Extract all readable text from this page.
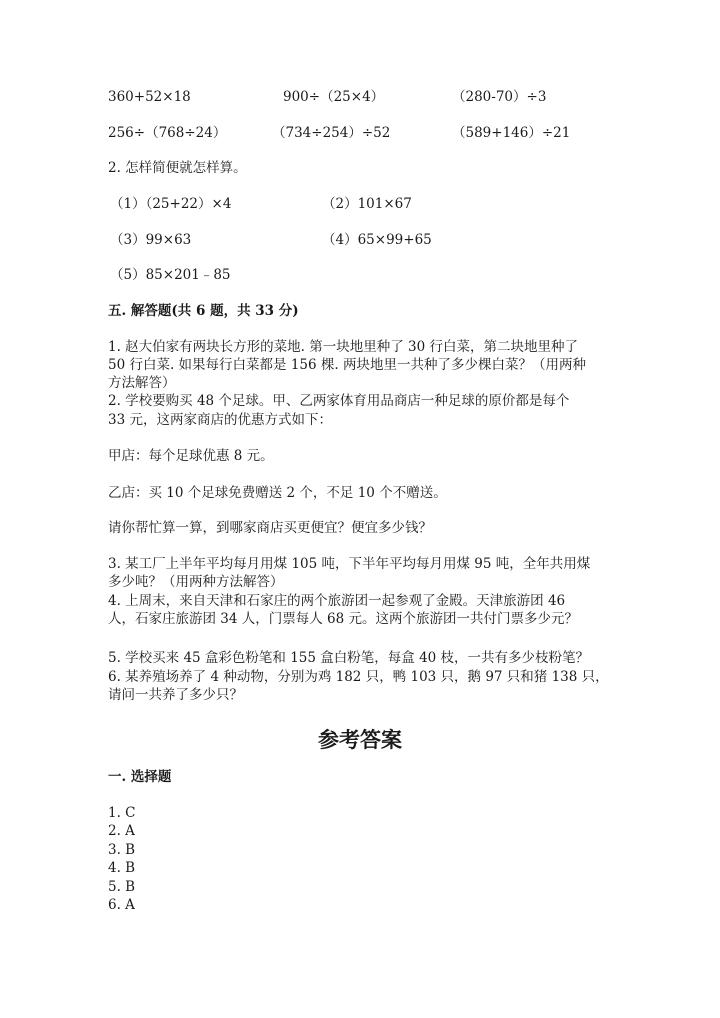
360+52×18	900÷（25×4）	（280-70）÷3
256÷（768÷24）	（734÷254）÷52	（589+146）÷21
2. 怎样简便就怎样算。
（1）（25+22）×4	（2）101×67
（3）99×63	（4）65×99+65
（5）85×201﹣85
五. 解答题(共 6 题，共 33 分)
1. 赵大伯家有两块长方形的菜地. 第一块地里种了 30 行白菜，第二块地里种了
50 行白菜. 如果每行白菜都是 156 棵. 两块地里一共种了多少棵白菜？（用两种
方法解答）
2. 学校要购买 48 个足球。甲、乙两家体育用品商店一种足球的原价都是每个
33 元，这两家商店的优惠方式如下：
甲店：每个足球优惠 8 元。
乙店：买 10 个足球免费赠送 2 个，不足 10 个不赠送。
请你帮忙算一算，到哪家商店买更便宜？便宜多少钱？
3. 某工厂上半年平均每月用煤 105 吨，下半年平均每月用煤 95 吨，全年共用煤
多少吨？（用两种方法解答）
4. 上周末，来自天津和石家庄的两个旅游团一起参观了金殿。天津旅游团 46
人，石家庄旅游团 34 人，门票每人 68 元。这两个旅游团一共付门票多少元？
5. 学校买来 45 盒彩色粉笔和 155 盒白粉笔，每盒 40 枝，一共有多少枝粉笔？
6. 某养殖场养了 4 种动物，分别为鸡 182 只，鸭 103 只，鹅 97 只和猪 138 只，
请问一共养了多少只？
参考答案
一. 选择题
1. C
2. A
3. B
4. B
5. B
6. A
